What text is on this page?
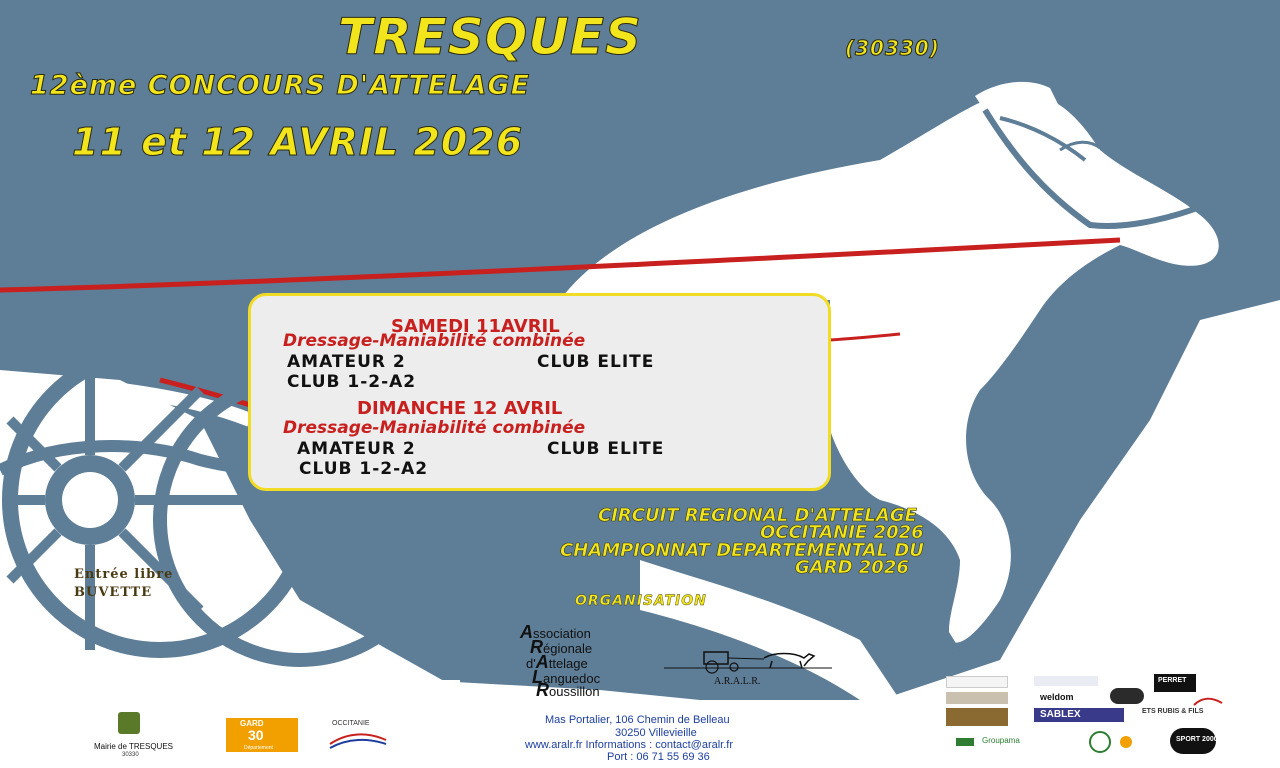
TRESQUES	(30330)
12ème CONCOURS D'ATTELAGE
11 et 12 AVRIL 2026
SAMEDI 11AVRIL
Dressage-Maniabilité combinée
AMATEUR 2	CLUB ELITE
CLUB 1-2-A2
DIMANCHE 12 AVRIL
Dressage-Maniabilité combinée
AMATEUR 2	CLUB ELITE
CLUB 1-2-A2
CIRCUIT REGIONAL D'ATTELAGE
OCCITANIE 2026
CHAMPIONNAT DEPARTEMENTAL DU
GARD 2026
ORGANISATION
Entrée libre
BUVETTE
Association
Régionale
d'Attelage
Languedoc
Roussillon
A.R.A.L.R.
Mas Portalier, 106 Chemin de Belleau
30250 Villevieille
www.aralr.fr Informations : contact@aralr.fr
Port : 06 71 55 69 36
Mairie de TRESQUES
30330
GARD
30
Département
OCCITANIE
PERRET
weldom
SABLEX	ETS RUBIS & FILS
Groupama	SPORT 2000
